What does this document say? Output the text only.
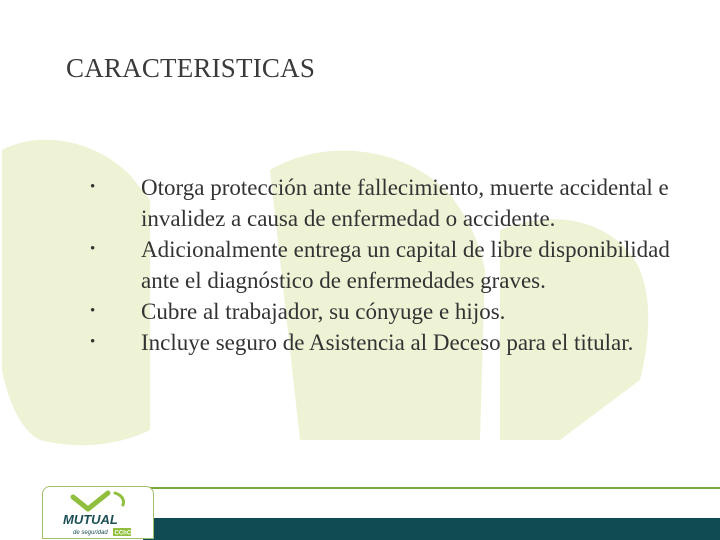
CARACTERISTICAS
•	Otorga protección ante fallecimiento, muerte accidental e invalidez a causa de enfermedad o accidente.
•	Adicionalmente entrega un capital de libre disponibilidad ante el diagnóstico de enfermedades graves.
•	Cubre al trabajador, su cónyuge e hijos.
•	Incluye seguro de Asistencia al Deceso para el titular.
MUTUAL
de seguridad CChC
